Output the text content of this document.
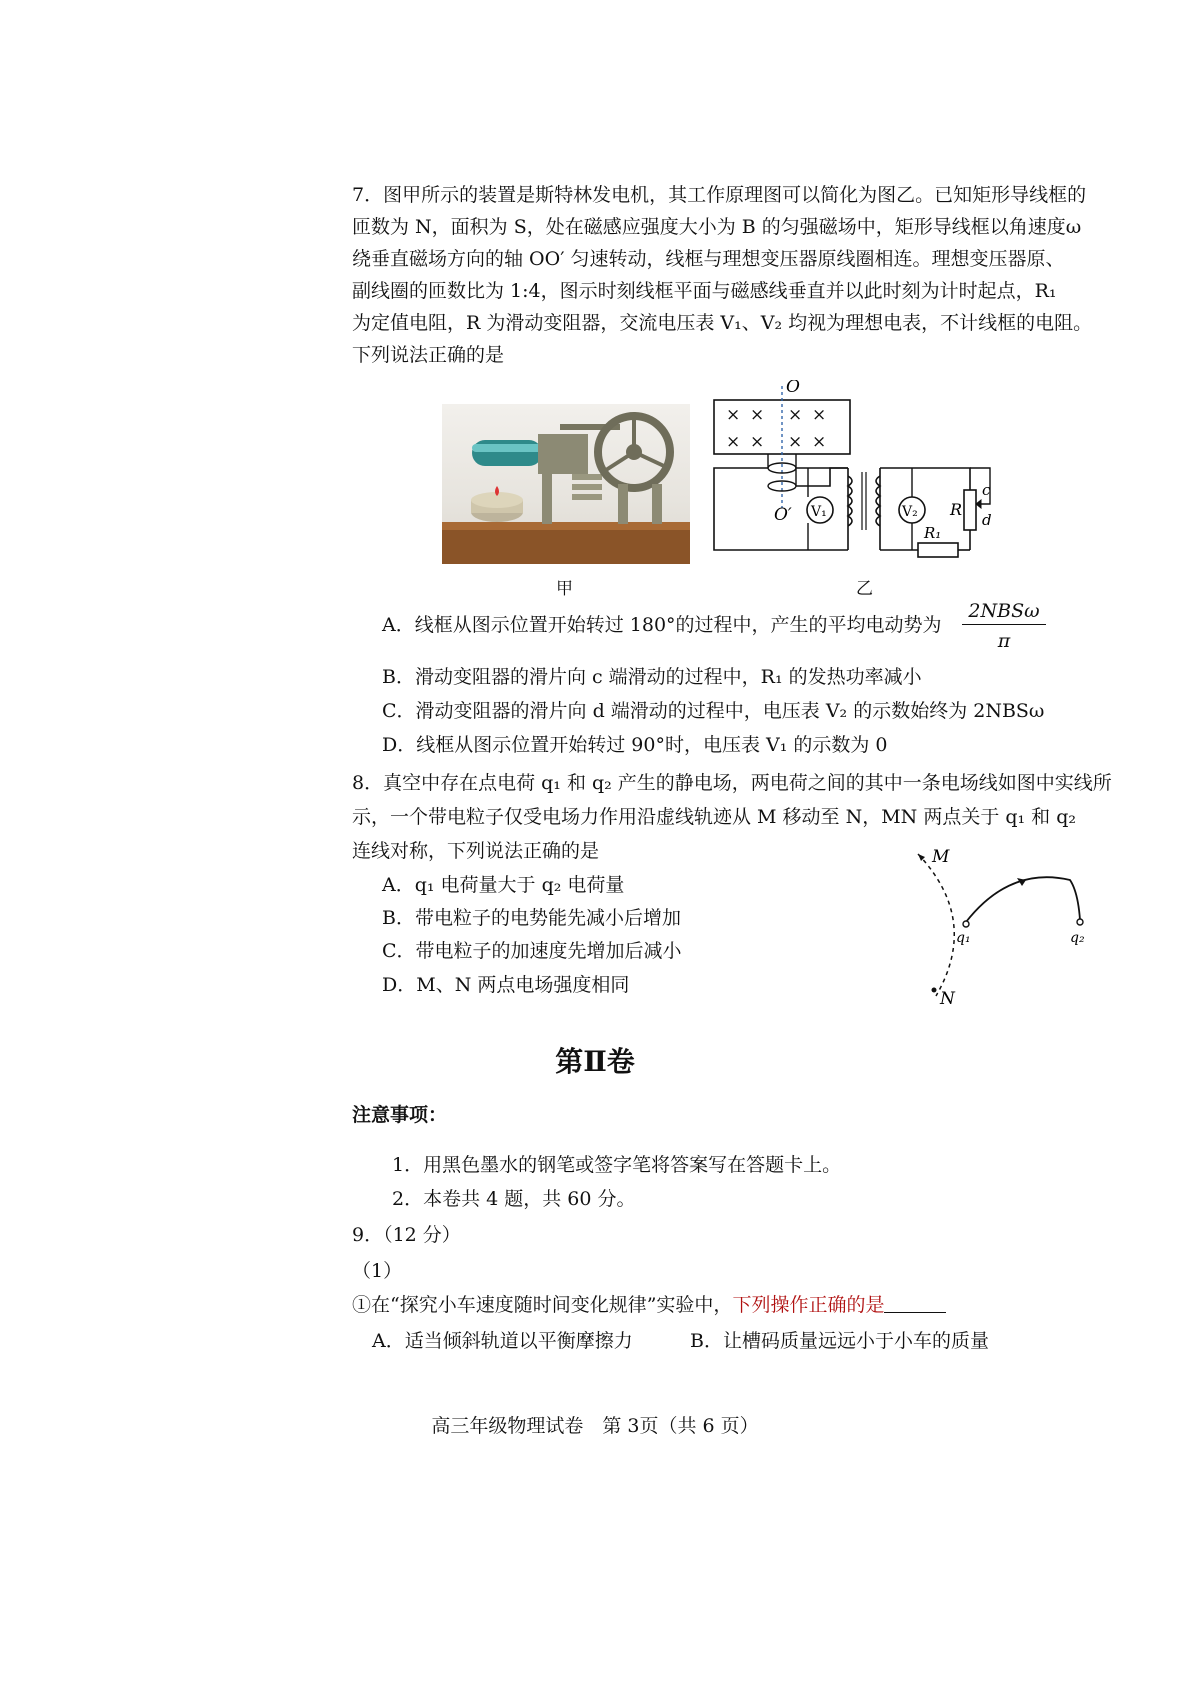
7．图甲所示的装置是斯特林发电机，其工作原理图可以简化为图乙。已知矩形导线框的
匝数为 N，面积为 S，处在磁感应强度大小为 B 的匀强磁场中，矩形导线框以角速度ω
绕垂直磁场方向的轴 OO′ 匀速转动，线框与理想变压器原线圈相连。理想变压器原、
副线圈的匝数比为 1:4，图示时刻线框平面与磁感线垂直并以此时刻为计时起点，R₁
为定值电阻，R 为滑动变阻器，交流电压表 V₁、V₂ 均视为理想电表，不计线框的电阻。
下列说法正确的是
甲
× × × ×
× × × ×
O
O′ V₁	V₂
R₁
R
c
d
乙
A．线框从图示位置开始转过 180°的过程中，产生的平均电动势为
2NBSω
π
B．滑动变阻器的滑片向 c 端滑动的过程中，R₁ 的发热功率减小
C．滑动变阻器的滑片向 d 端滑动的过程中，电压表 V₂ 的示数始终为 2NBSω
D．线框从图示位置开始转过 90°时，电压表 V₁ 的示数为 0
8．真空中存在点电荷 q₁ 和 q₂ 产生的静电场，两电荷之间的其中一条电场线如图中实线所
示，一个带电粒子仅受电场力作用沿虚线轨迹从 M 移动至 N，MN 两点关于 q₁ 和 q₂
连线对称，下列说法正确的是
A．q₁ 电荷量大于 q₂ 电荷量
B．带电粒子的电势能先减小后增加
C．带电粒子的加速度先增加后减小
D．M、N 两点电场强度相同
M
N
q₁	q₂
第Ⅱ卷
注意事项：
1．用黑色墨水的钢笔或签字笔将答案写在答题卡上。
2．本卷共 4 题，共 60 分。
9．（12 分）
（1）
①在“探究小车速度随时间变化规律”实验中，下列操作正确的是
A．适当倾斜轨道以平衡摩擦力	B．让槽码质量远远小于小车的质量
高三年级物理试卷　第 3页（共 6 页）
